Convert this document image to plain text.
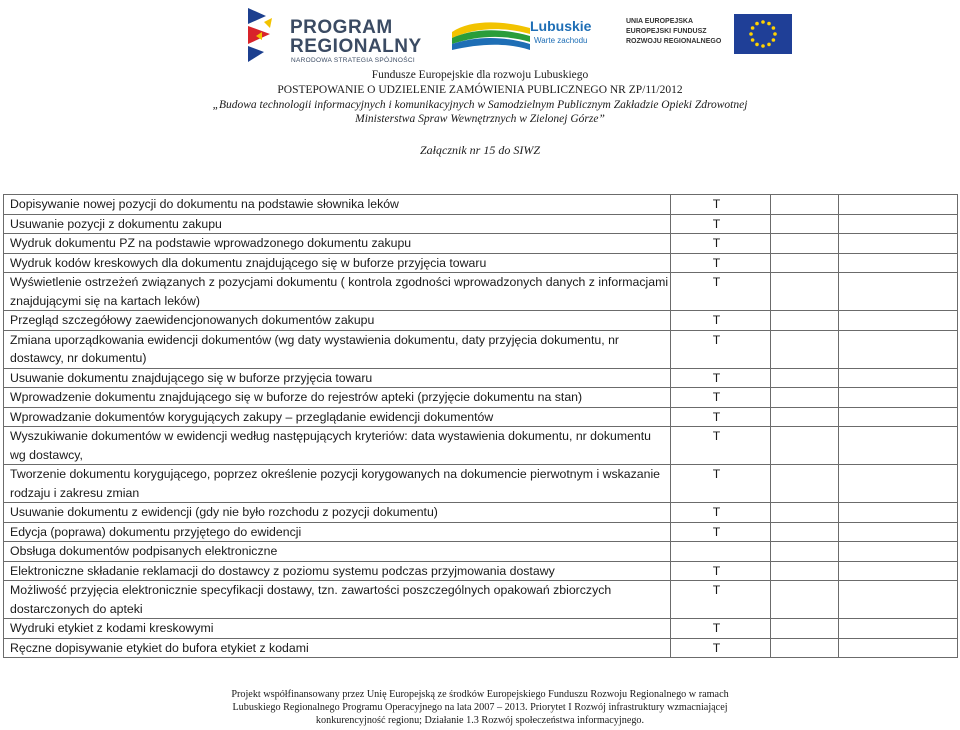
PROGRAM
REGIONALNY
NARODOWA STRATEGIA SPÓJNOŚCI
Lubuskie
Warte zachodu
UNIA EUROPEJSKA
EUROPEJSKI FUNDUSZ
ROZWOJU REGIONALNEGO
Fundusze Europejskie dla rozwoju Lubuskiego
POSTEPOWANIE O UDZIELENIE ZAMÓWIENIA PUBLICZNEGO NR ZP/11/2012
„Budowa technologii informacyjnych i komunikacyjnych w Samodzielnym Publicznym Zakładzie Opieki Zdrowotnej
Ministerstwa Spraw Wewnętrznych w Zielonej Górze”
Załącznik nr 15 do SIWZ
Dopisywanie nowej pozycji do dokumentu na podstawie słownika leków	T		
Usuwanie pozycji z dokumentu zakupu	T		
Wydruk dokumentu PZ na podstawie wprowadzonego dokumentu zakupu	T		
Wydruk kodów kreskowych dla dokumentu znajdującego się w buforze przyjęcia towaru	T		
Wyświetlenie ostrzeżeń związanych z pozycjami dokumentu ( kontrola zgodności wprowadzonych danych z informacjami znajdującymi się na kartach leków)	T		
Przegląd szczegółowy zaewidencjonowanych dokumentów zakupu	T		
Zmiana uporządkowania ewidencji dokumentów (wg daty wystawienia dokumentu, daty przyjęcia dokumentu, nr dostawcy, nr dokumentu)	T		
Usuwanie dokumentu znajdującego się w buforze przyjęcia towaru	T		
Wprowadzenie dokumentu znajdującego się w buforze do rejestrów apteki (przyjęcie dokumentu na stan)	T		
Wprowadzanie dokumentów korygujących zakupy – przeglądanie ewidencji dokumentów	T		
Wyszukiwanie dokumentów w ewidencji według następujących kryteriów: data wystawienia dokumentu, nr dokumentu wg dostawcy,	T		
Tworzenie dokumentu korygującego, poprzez określenie pozycji korygowanych na dokumencie pierwotnym i wskazanie rodzaju i zakresu zmian	T		
Usuwanie dokumentu z ewidencji (gdy nie było rozchodu z pozycji dokumentu)	T		
Edycja (poprawa) dokumentu przyjętego do ewidencji	T		
Obsługa dokumentów podpisanych elektroniczne			
Elektroniczne składanie reklamacji do dostawcy z poziomu systemu podczas przyjmowania dostawy	T		
Możliwość przyjęcia elektronicznie specyfikacji dostawy, tzn. zawartości poszczególnych opakowań zbiorczych dostarczonych do apteki	T		
Wydruki etykiet z kodami kreskowymi	T		
Ręczne dopisywanie etykiet do bufora etykiet z kodami	T		
Projekt współfinansowany przez Unię Europejską ze środków Europejskiego Funduszu Rozwoju Regionalnego w ramach
Lubuskiego Regionalnego Programu Operacyjnego na lata 2007 – 2013. Priorytet I Rozwój infrastruktury wzmacniającej
konkurencyjność regionu; Działanie 1.3 Rozwój społeczeństwa informacyjnego.
